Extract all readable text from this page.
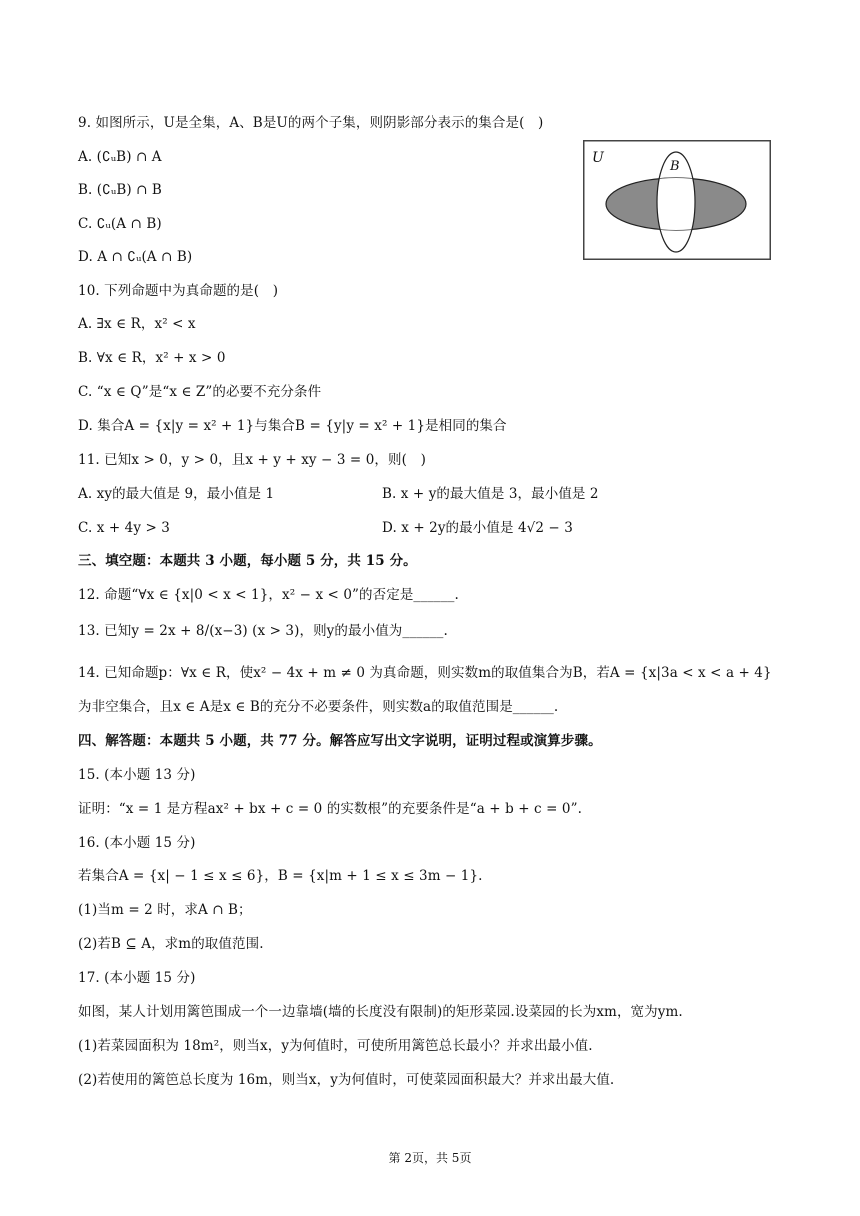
9. 如图所示，U是全集，A、B是U的两个子集，则阴影部分表示的集合是(　)
A. (∁ᵤB) ∩ A
B. (∁ᵤB) ∩ B
C. ∁ᵤ(A ∩ B)
D. A ∩ ∁ᵤ(A ∩ B)
U
B
10. 下列命题中为真命题的是(　)
A. ∃x ∈ R，x² < x
B. ∀x ∈ R，x² + x > 0
C. “x ∈ Q”是“x ∈ Z”的必要不充分条件
D. 集合A = {x|y = x² + 1}与集合B = {y|y = x² + 1}是相同的集合
11. 已知x > 0，y > 0，且x + y + xy − 3 = 0，则(　)
A. xy的最大值是 9，最小值是 1	B. x + y的最大值是 3，最小值是 2
C. x + 4y > 3	D. x + 2y的最小值是 4√2 − 3
三、填空题：本题共 3 小题，每小题 5 分，共 15 分。
12. 命题“∀x ∈ {x|0 < x < 1}，x² − x < 0”的否定是______.
13. 已知y = 2x + 8/(x−3) (x > 3)，则y的最小值为______.
14. 已知命题p：∀x ∈ R，使x² − 4x + m ≠ 0 为真命题，则实数m的取值集合为B，若A = {x|3a < x < a + 4}
为非空集合，且x ∈ A是x ∈ B的充分不必要条件，则实数a的取值范围是______.
四、解答题：本题共 5 小题，共 77 分。解答应写出文字说明，证明过程或演算步骤。
15. (本小题 13 分)
证明：“x = 1 是方程ax² + bx + c = 0 的实数根”的充要条件是“a + b + c = 0”.
16. (本小题 15 分)
若集合A = {x| − 1 ≤ x ≤ 6}，B = {x|m + 1 ≤ x ≤ 3m − 1}.
(1)当m = 2 时，求A ∩ B；
(2)若B ⊆ A，求m的取值范围.
17. (本小题 15 分)
如图，某人计划用篱笆围成一个一边靠墙(墙的长度没有限制)的矩形菜园.设菜园的长为xm，宽为ym.
(1)若菜园面积为 18m²，则当x，y为何值时，可使所用篱笆总长最小？并求出最小值.
(2)若使用的篱笆总长度为 16m，则当x，y为何值时，可使菜园面积最大？并求出最大值.
第 2页，共 5页
